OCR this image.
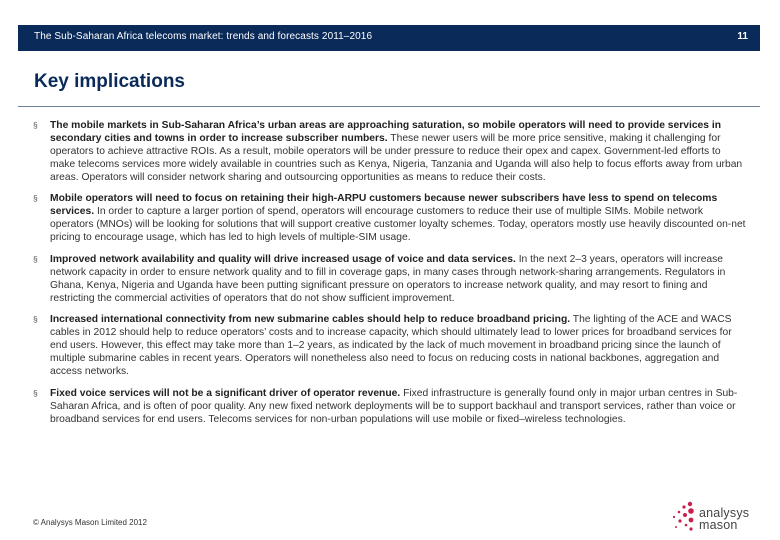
The Sub-Saharan Africa telecoms market: trends and forecasts 2011–2016	11
Key implications
§ The mobile markets in Sub-Saharan Africa’s urban areas are approaching saturation, so mobile operators will need to provide services in secondary cities and towns in order to increase subscriber numbers. These newer users will be more price sensitive, making it challenging for operators to achieve attractive ROIs. As a result, mobile operators will be under pressure to reduce their opex and capex. Government-led efforts to make telecoms services more widely available in countries such as Kenya, Nigeria, Tanzania and Uganda will also help to focus efforts away from urban areas. Operators will consider network sharing and outsourcing opportunities as means to reduce their costs.
§ Mobile operators will need to focus on retaining their high-ARPU customers because newer subscribers have less to spend on telecoms services. In order to capture a larger portion of spend, operators will encourage customers to reduce their use of multiple SIMs. Mobile network operators (MNOs) will be looking for solutions that will support creative customer loyalty schemes. Today, operators mostly use heavily discounted on-net pricing to encourage usage, which has led to high levels of multiple-SIM usage.
§ Improved network availability and quality will drive increased usage of voice and data services. In the next 2–3 years, operators will increase network capacity in order to ensure network quality and to fill in coverage gaps, in many cases through network-sharing arrangements. Regulators in Ghana, Kenya, Nigeria and Uganda have been putting significant pressure on operators to increase network quality, and may resort to fining and restricting the commercial activities of operators that do not show sufficient improvement.
§ Increased international connectivity from new submarine cables should help to reduce broadband pricing. The lighting of the ACE and WACS cables in 2012 should help to reduce operators’ costs and to increase capacity, which should ultimately lead to lower prices for broadband services for end users. However, this effect may take more than 1–2 years, as indicated by the lack of much movement in broadband pricing since the launch of multiple submarine cables in recent years. Operators will nonetheless also need to focus on reducing costs in national backbones, aggregation and access networks.
§ Fixed voice services will not be a significant driver of operator revenue. Fixed infrastructure is generally found only in major urban centres in Sub-Saharan Africa, and is often of poor quality. Any new fixed network deployments will be to support backhaul and transport services, rather than voice or broadband services for end users. Telecoms services for non-urban populations will use mobile or fixed–wireless technologies.
© Analysys Mason Limited 2012
analysys
mason
